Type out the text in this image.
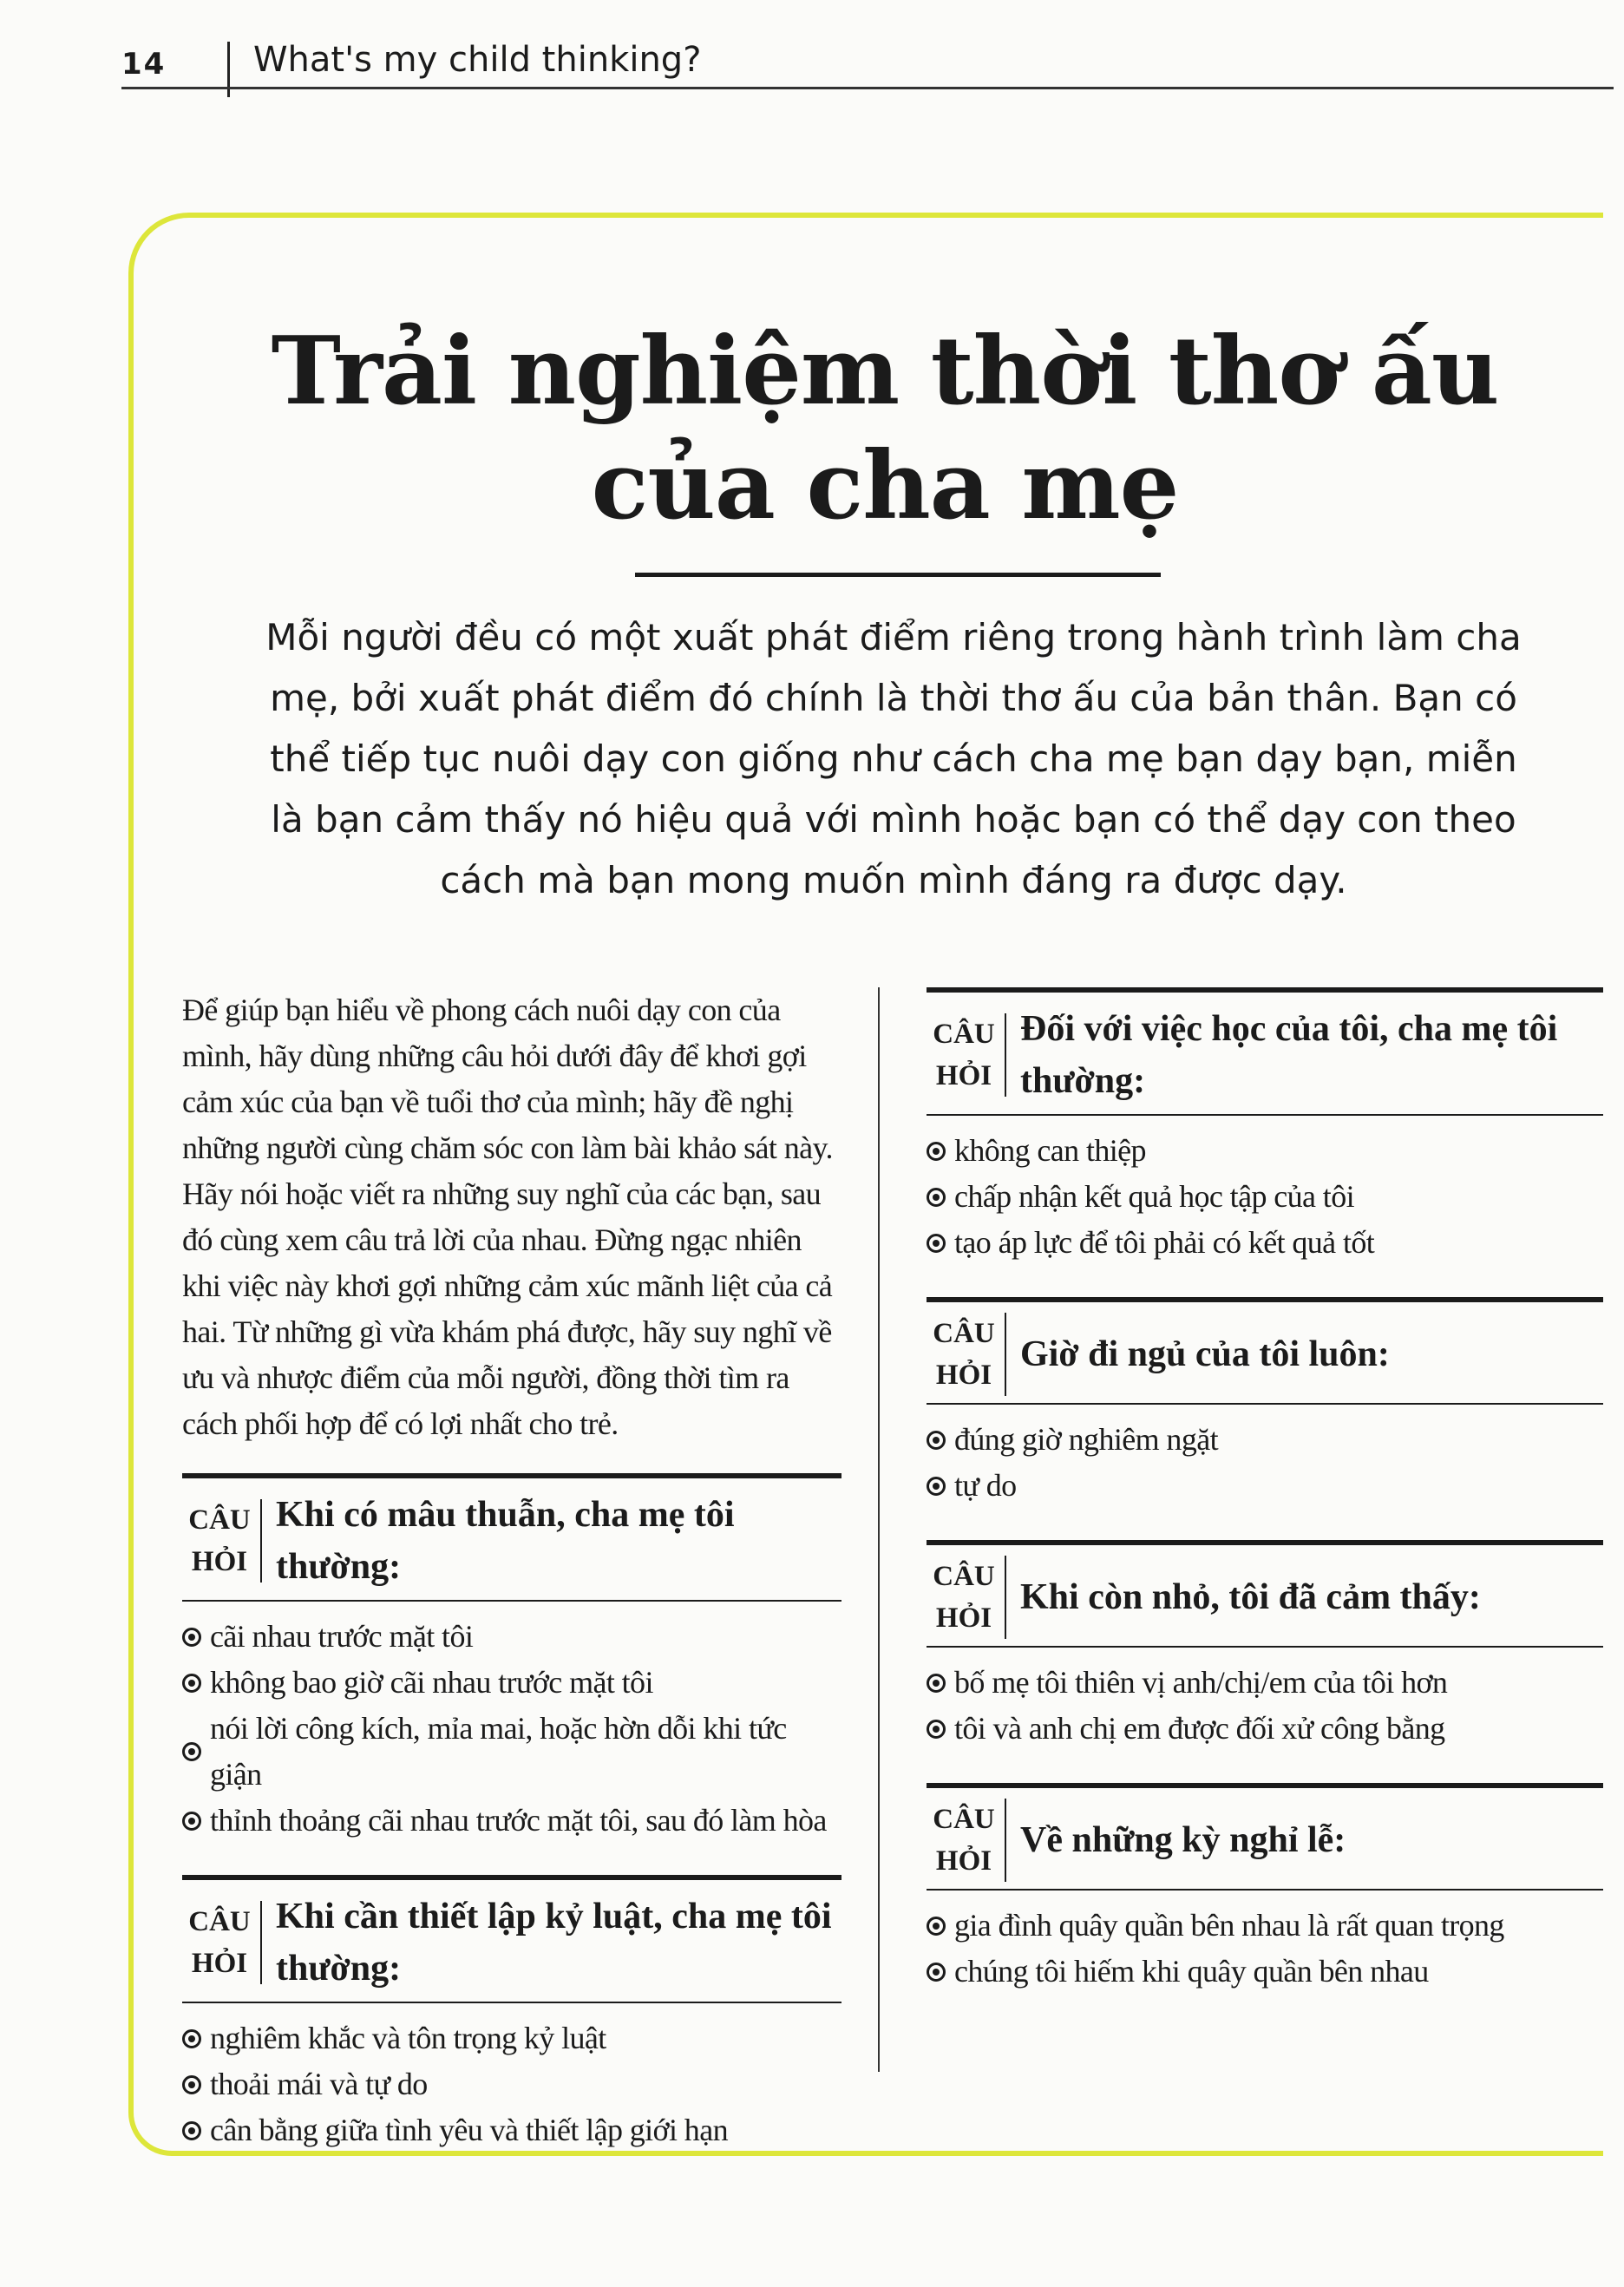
14	What's my child thinking?
Trải nghiệm thời thơ ấu
của cha mẹ

Mỗi người đều có một xuất phát điểm riêng trong hành trình làm cha mẹ, bởi xuất phát điểm đó chính là thời thơ ấu của bản thân. Bạn có thể tiếp tục nuôi dạy con giống như cách cha mẹ bạn dạy bạn, miễn là bạn cảm thấy nó hiệu quả với mình hoặc bạn có thể dạy con theo cách mà bạn mong muốn mình đáng ra được dạy.

Để giúp bạn hiểu về phong cách nuôi dạy con của mình, hãy dùng những câu hỏi dưới đây để khơi gợi cảm xúc của bạn về tuổi thơ của mình; hãy đề nghị những người cùng chăm sóc con làm bài khảo sát này. Hãy nói hoặc viết ra những suy nghĩ của các bạn, sau đó cùng xem câu trả lời của nhau. Đừng ngạc nhiên khi việc này khơi gợi những cảm xúc mãnh liệt của cả hai. Từ những gì vừa khám phá được, hãy suy nghĩ về ưu và nhược điểm của mỗi người, đồng thời tìm ra cách phối hợp để có lợi nhất cho trẻ.

CÂU
HỎI
Khi có mâu thuẫn, cha mẹ tôi thường:
cãi nhau trước mặt tôi
không bao giờ cãi nhau trước mặt tôi
nói lời công kích, mỉa mai, hoặc hờn dỗi khi tức giận
thỉnh thoảng cãi nhau trước mặt tôi, sau đó làm hòa
CÂU
HỎI
Khi cần thiết lập kỷ luật, cha mẹ tôi thường:
nghiêm khắc và tôn trọng kỷ luật
thoải mái và tự do
cân bằng giữa tình yêu và thiết lập giới hạn
CÂU
HỎI
Đối với việc học của tôi, cha mẹ tôi thường:
không can thiệp
chấp nhận kết quả học tập của tôi
tạo áp lực để tôi phải có kết quả tốt
CÂU
HỎI
Giờ đi ngủ của tôi luôn:
đúng giờ nghiêm ngặt
tự do
CÂU
HỎI
Khi còn nhỏ, tôi đã cảm thấy:
bố mẹ tôi thiên vị anh/chị/em của tôi hơn
tôi và anh chị em được đối xử công bằng
CÂU
HỎI
Về những kỳ nghỉ lễ:
gia đình quây quần bên nhau là rất quan trọng
chúng tôi hiếm khi quây quần bên nhau
